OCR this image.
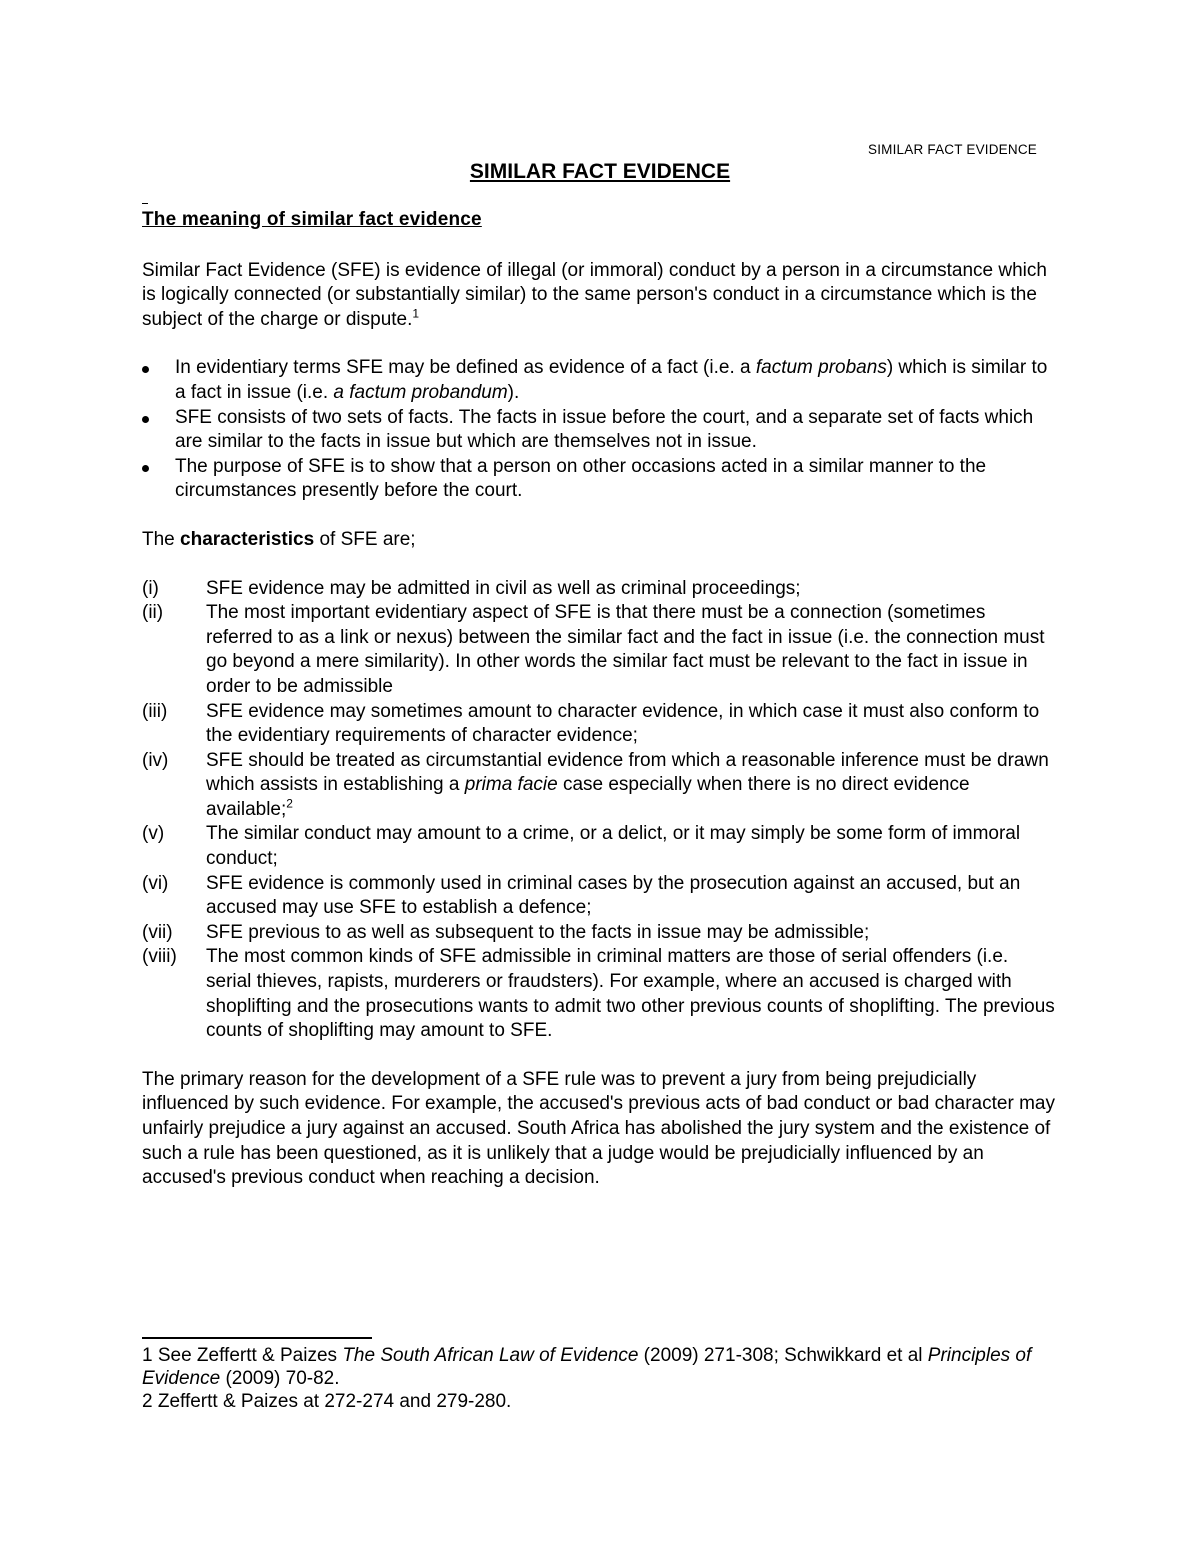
SIMILAR FACT EVIDENCE
SIMILAR FACT EVIDENCE

The meaning of similar fact evidence

Similar Fact Evidence (SFE) is evidence of illegal (or immoral) conduct by a person in a circumstance which is logically connected (or substantially similar) to the same person's conduct in a circumstance which is the subject of the charge or dispute.$^1$

In evidentiary terms SFE may be defined as evidence of a fact (i.e. a factum probans) which is similar to a fact in issue (i.e. a factum probandum).
SFE consists of two sets of facts. The facts in issue before the court, and a separate set of facts which are similar to the facts in issue but which are themselves not in issue.
The purpose of SFE is to show that a person on other occasions acted in a similar manner to the circumstances presently before the court.

The characteristics of SFE are;

(i) SFE evidence may be admitted in civil as well as criminal proceedings;
(ii) The most important evidentiary aspect of SFE is that there must be a connection (sometimes referred to as a link or nexus) between the similar fact and the fact in issue (i.e. the connection must go beyond a mere similarity). In other words the similar fact must be relevant to the fact in issue in order to be admissible
(iii) SFE evidence may sometimes amount to character evidence, in which case it must also conform to the evidentiary requirements of character evidence;
(iv) SFE should be treated as circumstantial evidence from which a reasonable inference must be drawn which assists in establishing a prima facie case especially when there is no direct evidence available;$^2$
(v) The similar conduct may amount to a crime, or a delict, or it may simply be some form of immoral conduct;
(vi) SFE evidence is commonly used in criminal cases by the prosecution against an accused, but an accused may use SFE to establish a defence;
(vii) SFE previous to as well as subsequent to the facts in issue may be admissible;
(viii) The most common kinds of SFE admissible in criminal matters are those of serial offenders (i.e. serial thieves, rapists, murderers or fraudsters). For example, where an accused is charged with shoplifting and the prosecutions wants to admit two other previous counts of shoplifting. The previous counts of shoplifting may amount to SFE.

The primary reason for the development of a SFE rule was to prevent a jury from being prejudicially influenced by such evidence. For example, the accused's previous acts of bad conduct or bad character may unfairly prejudice a jury against an accused. South Africa has abolished the jury system and the existence of such a rule has been questioned, as it is unlikely that a judge would be prejudicially influenced by an accused's previous conduct when reaching a decision.

1 See Zeffertt & Paizes The South African Law of Evidence (2009) 271-308; Schwikkard et al Principles of Evidence (2009) 70-82.

2 Zeffertt & Paizes at 272-274 and 279-280.
